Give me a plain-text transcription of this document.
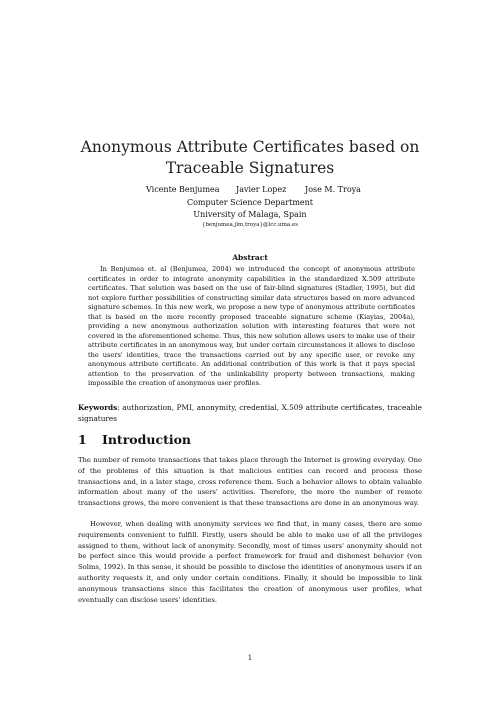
Anonymous Attribute Certificates based on Traceable Signatures
Vicente Benjumea Javier Lopez Jose M. Troya
Computer Science Department
University of Malaga, Spain
{benjumea,jlm,troya}@lcc.uma.es
Abstract

In Benjumea et. al (Benjumea, 2004) we introduced the concept of anonymous attribute certificates in order to integrate anonymity capabilities in the standardized X.509 attribute certificates. That solution was based on the use of fair-blind signatures (Stadler, 1995), but did not explore further possibilities of constructing similar data structures based on more advanced signature schemes. In this new work, we propose a new type of anonymous attribute certificates that is based on the more recently proposed traceable signature scheme (Kiayias, 2004a), providing a new anonymous authorization solution with interesting features that were not covered in the aforementioned scheme. Thus, this new solution allows users to make use of their attribute certificates in an anonymous way, but under certain circumstances it allows to disclose the users' identities, trace the transactions carried out by any specific user, or revoke any anonymous attribute certificate. An additional contribution of this work is that it pays special attention to the preservation of the unlinkability property between transactions, making impossible the creation of anonymous user profiles.

Keywords: authorization, PMI, anonymity, credential, X.509 attribute certificates, traceable signatures

1 Introduction

The number of remote transactions that takes place through the Internet is growing everyday. One of the problems of this situation is that malicious entities can record and process those transactions and, in a later stage, cross reference them. Such a behavior allows to obtain valuable information about many of the users' activities. Therefore, the more the number of remote transactions grows, the more convenient is that these transactions are done in an anonymous way.

However, when dealing with anonymity services we find that, in many cases, there are some requirements convenient to fulfill. Firstly, users should be able to make use of all the privileges assigned to them, without lack of anonymity. Secondly, most of times users' anonymity should not be perfect since this would provide a perfect framework for fraud and dishonest behavior (von Solms, 1992). In this sense, it should be possible to disclose the identities of anonymous users if an authority requests it, and only under certain conditions. Finally, it should be impossible to link anonymous transactions since this facilitates the creation of anonymous user profiles, what eventually can disclose users' identities.

1
